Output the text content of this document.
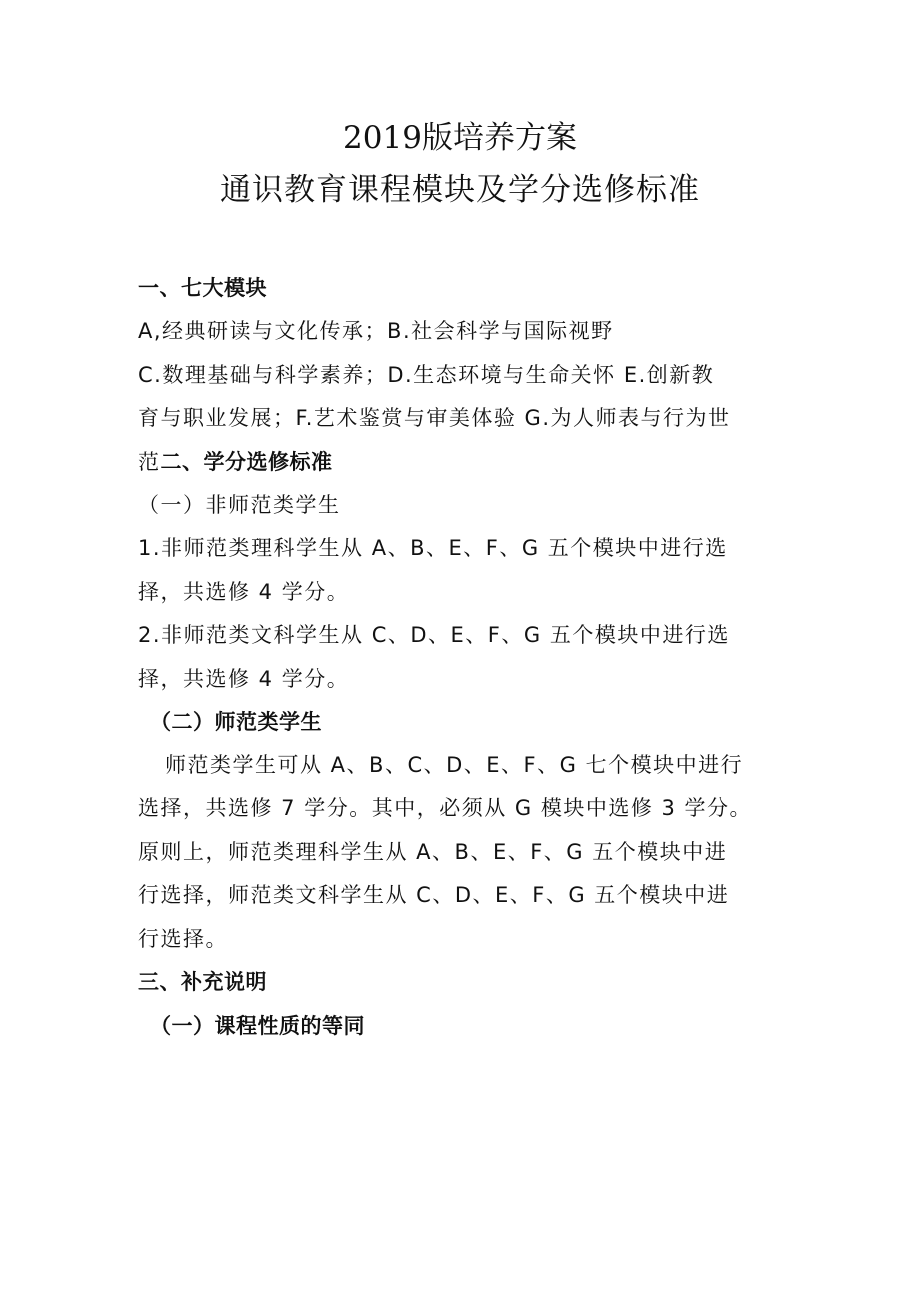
2019版培养方案
通识教育课程模块及学分选修标准
一、七大模块
A,经典研读与文化传承；B.社会科学与国际视野
C.数理基础与科学素养；D.生态环境与生命关怀 E.创新教
育与职业发展；F.艺术鉴赏与审美体验 G.为人师表与行为世
范二、学分选修标准
（一）非师范类学生
1.非师范类理科学生从 A、B、E、F、G 五个模块中进行选
择，共选修 4 学分。
2.非师范类文科学生从 C、D、E、F、G 五个模块中进行选
择，共选修 4 学分。
（二）师范类学生
师范类学生可从 A、B、C、D、E、F、G 七个模块中进行
选择，共选修 7 学分。其中，必须从 G 模块中选修 3 学分。
原则上，师范类理科学生从 A、B、E、F、G 五个模块中进
行选择，师范类文科学生从 C、D、E、F、G 五个模块中进
行选择。
三、补充说明
（一）课程性质的等同
